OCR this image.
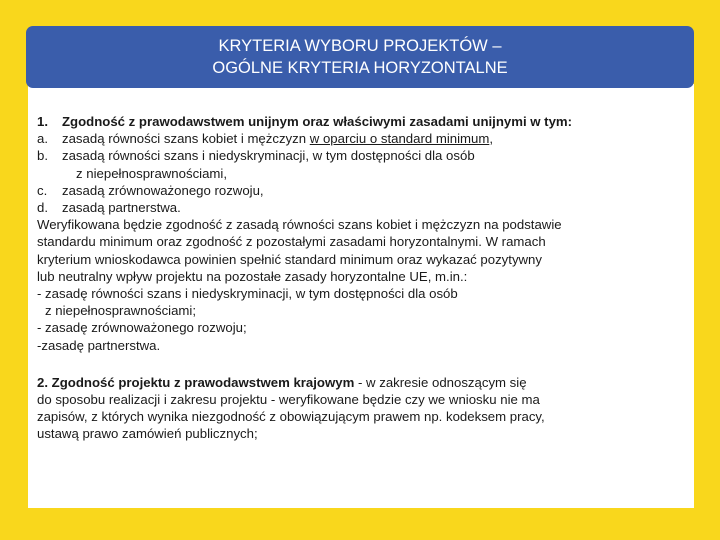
KRYTERIA WYBORU PROJEKTÓW –
OGÓLNE KRYTERIA HORYZONTALNE
1.	Zgodność z prawodawstwem unijnym oraz właściwymi zasadami unijnymi w tym:
a.	zasadą równości szans kobiet i mężczyzn w oparciu o standard minimum,
b.	zasadą równości szans i niedyskryminacji, w tym dostępności dla osób
z niepełnosprawnościami,
c.	zasadą zrównoważonego rozwoju,
d.	zasadą partnerstwa.
Weryfikowana będzie zgodność z zasadą równości szans kobiet i mężczyzn na podstawie
standardu minimum oraz zgodność z pozostałymi zasadami horyzontalnymi. W ramach
kryterium wnioskodawca powinien spełnić standard minimum oraz wykazać pozytywny
lub neutralny wpływ projektu na pozostałe zasady horyzontalne UE, m.in.:
- zasadę równości szans i niedyskryminacji, w tym dostępności dla osób
z niepełnosprawnościami;
- zasadę zrównoważonego rozwoju;
-zasadę partnerstwa.
2. Zgodność projektu z prawodawstwem krajowym - w zakresie odnoszącym się
do sposobu realizacji i zakresu projektu - weryfikowane będzie czy we wniosku nie ma
zapisów, z których wynika niezgodność z obowiązującym prawem np. kodeksem pracy,
ustawą prawo zamówień publicznych;
